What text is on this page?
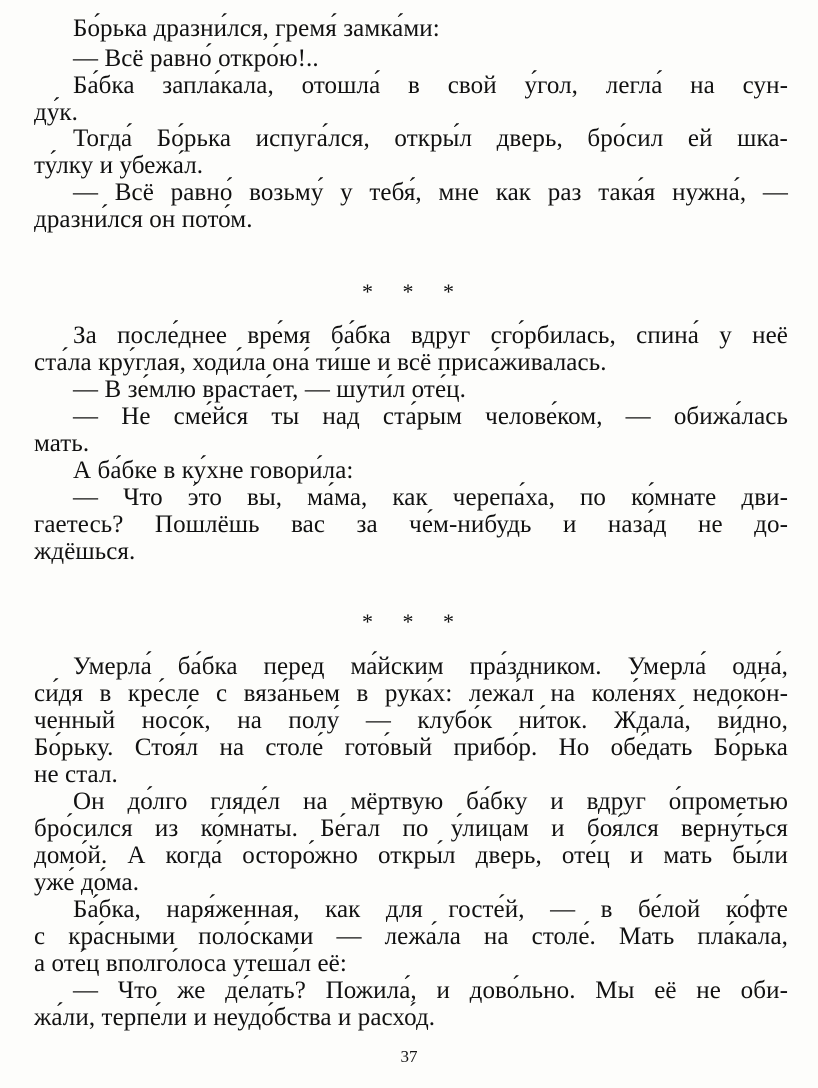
Бо́рька дразни́лся, гремя́ замка́ми:
— Всё равно́ откро́ю!..
Ба́бка запла́кала, отошла́ в свой у́гол, легла́ на сун-
ду́к.
Тогда́ Бо́рька испуга́лся, откры́л дверь, бро́сил ей шка-
ту́лку и убежа́л.
— Всё равно́ возьму́ у тебя́, мне как раз така́я нужна́, —
дразни́лся он пото́м.
* * *
За после́днее вре́мя ба́бка вдруг сго́рбилась, спина́ у неё
ста́ла кру́глая, ходи́ла она́ ти́ше и всё приса́живалась.
— В зе́млю враста́ет, — шути́л оте́ц.
— Не сме́йся ты над ста́рым челове́ком, — обижа́лась
мать.
А ба́бке в ку́хне говори́ла:
— Что э́то вы, ма́ма, как черепа́ха, по ко́мнате дви-
гаетесь? Пошлёшь вас за че́м-нибудь и наза́д не до-
ждёшься.
* * *
Умерла́ ба́бка перед ма́йским пра́здником. Умерла́ одна́,
си́дя в кре́сле с вяза́ньем в рука́х: лежа́л на коле́нях недоко́н-
ченный носо́к, на полу́ — клубо́к ни́ток. Ждала́, ви́дно,
Бо́рьку. Стоя́л на столе́ гото́вый прибо́р. Но обе́дать Бо́рька
не стал.
Он до́лго гляде́л на мёртвую ба́бку и вдруг о́прометью
бро́сился из ко́мнаты. Бе́гал по у́лицам и боя́лся верну́ться
домо́й. А когда́ осторо́жно откры́л дверь, оте́ц и мать бы́ли
уже́ до́ма.
Ба́бка, наря́женная, как для госте́й, — в бе́лой ко́фте
с кра́сными поло́сками — лежа́ла на столе́. Мать пла́кала,
а оте́ц вполго́лоса утеша́л её:
— Что же де́лать? Пожила́, и дово́льно. Мы её не оби-
жа́ли, терпе́ли и неудо́бства и расхо́д.
37
